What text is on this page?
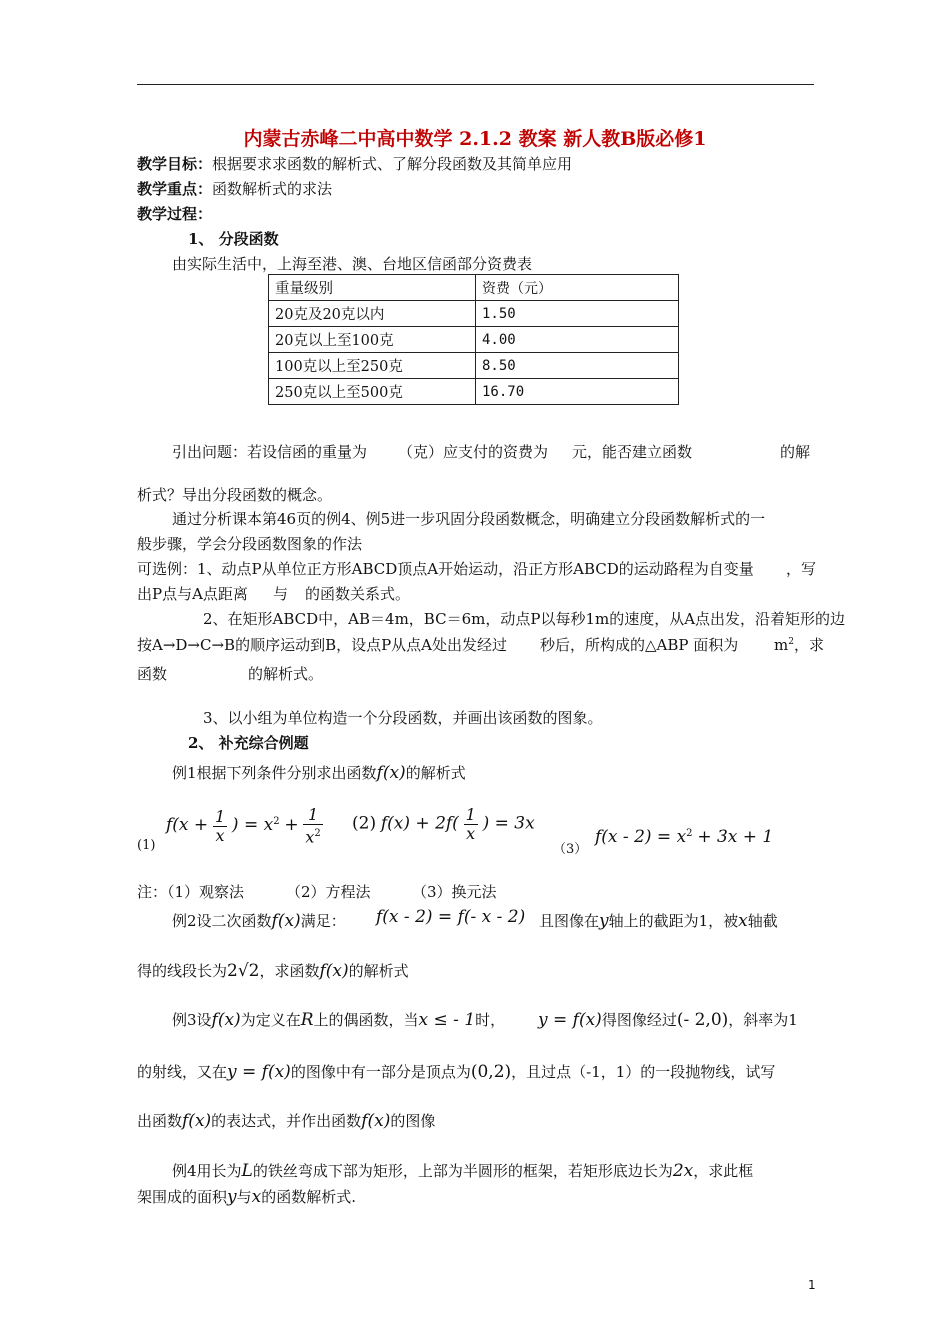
内蒙古赤峰二中高中数学 2.1.2 教案 新人教B版必修1
教学目标：根据要求求函数的解析式、了解分段函数及其简单应用
教学重点：函数解析式的求法
教学过程：
1、 分段函数
由实际生活中，上海至港、澳、台地区信函部分资费表
重量级别	资费（元）
20克及20克以内	1.50
20克以上至100克	4.00
100克以上至250克	8.50
250克以上至500克	16.70
引出问题：若设信函的重量为 （克）应支付的资费为 元，能否建立函数	的解
析式？导出分段函数的概念。
通过分析课本第46页的例4、例5进一步巩固分段函数概念，明确建立分段函数解析式的一
般步骤，学会分段函数图象的作法
可选例：1、动点P从单位正方形ABCD顶点A开始运动，沿正方形ABCD的运动路程为自变量 ，写
出P点与A点距离 与 的函数关系式。
2、在矩形ABCD中，AB＝4m，BC＝6m，动点P以每秒1m的速度，从A点出发，沿着矩形的边
按A→D→C→B的顺序运动到B，设点P从点A处出发经过 秒后，所构成的△ABP 面积为 $m^2$，求
函数	的解析式。
3、以小组为单位构造一个分段函数，并画出该函数的图象。
2、 补充综合例题
例1根据下列条件分别求出函数f(x)的解析式
(1)
$f(x + \frac{1}{x}$ ) = $x^2 + \frac{1}{x^2} (2) f(x) + 2f( \frac{1}{x}$ ) = 3x
（3）
$f(x - 2) = x^2 + 3x + 1$
注：（1）观察法	（2）方程法	（3）换元法
例2设二次函数f(x)满足： f(x - 2) = f(- x - 2) 且图像在y轴上的截距为1，被x轴截
得的线段长为2√2，求函数f(x)的解析式
例3设f(x)为定义在R上的偶函数，当x ≤ - 1时， y = f(x)得图像经过(- 2,0)，斜率为1
的射线，又在y = f(x)的图像中有一部分是顶点为(0,2)，且过点（-1，1）的一段抛物线，试写
出函数f(x)的表达式，并作出函数f(x)的图像
例4用长为L的铁丝弯成下部为矩形，上部为半圆形的框架，若矩形底边长为2x，求此框
架围成的面积y与x的函数解析式.
1
